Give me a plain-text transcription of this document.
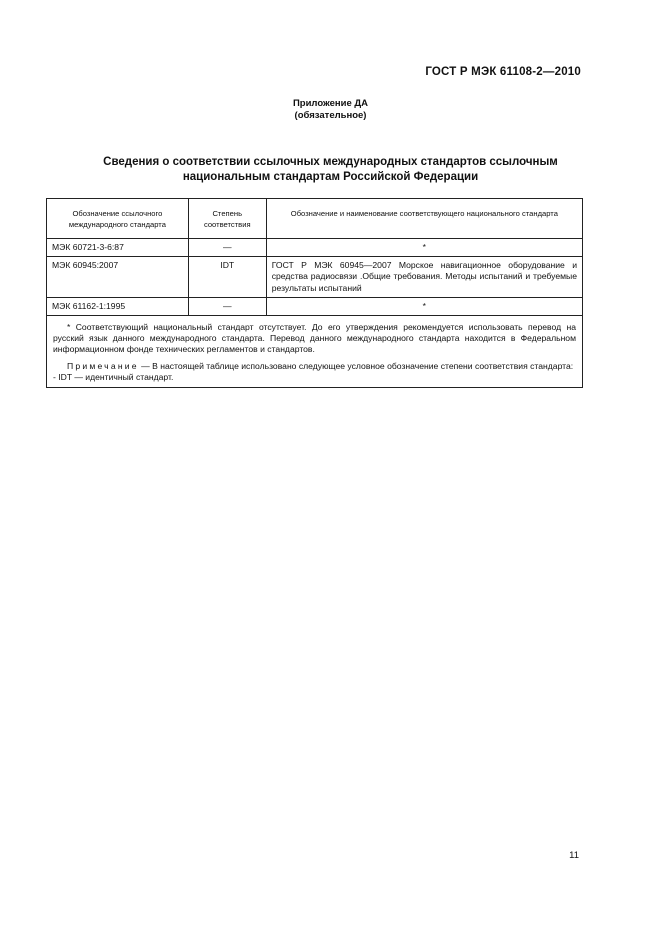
ГОСТ Р МЭК 61108-2—2010
Приложение ДА
(обязательное)
Сведения о соответствии ссылочных международных стандартов ссылочным
национальным стандартам Российской Федерации
Обозначение ссылочного международного стандарта	Степень соответствия	Обозначение и наименование соответствующего национального стандарта
МЭК 60721-3-6:87	—	*
МЭК 60945:2007	IDT	ГОСТ Р МЭК 60945—2007 Морское навигационное оборудование и средства радиосвязи .Общие требования. Методы испытаний и требуемые результаты испытаний
МЭК 61162-1:1995	—	*

* Соответствующий национальный стандарт отсутствует. До его утверждения рекомендуется использовать перевод на русский язык данного международного стандарта. Перевод данного международного стандарта находится в Федеральном информационном фонде технических регламентов и стандартов.

Примечание — В настоящей таблице использовано следующее условное обозначение степени соответствия стандарта:

- IDT — идентичный стандарт.		

11
